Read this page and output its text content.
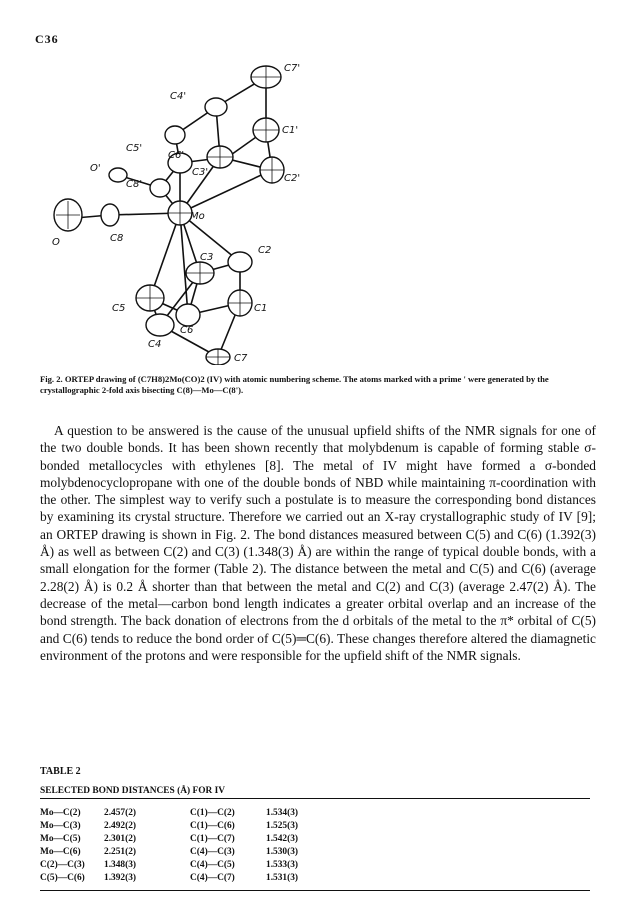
C36
C7'
C4'
C1'
C5'
C6'
C3'
C2'
O'
C8'
Mo
O	C8
C2
C3
C5
C6
C1
C4
C7
Fig. 2. ORTEP drawing of (C7H8)2Mo(CO)2 (IV) with atomic numbering scheme. The atoms marked with a prime ' were generated by the crystallographic 2-fold axis bisecting C(8)—Mo—C(8').

A question to be answered is the cause of the unusual upfield shifts of the NMR signals for one of the two double bonds. It has been shown recently that molybdenum is capable of forming stable σ-bonded metallocycles with ethylenes [8]. The metal of IV might have formed a σ-bonded molybdenocyclopropane with one of the double bonds of NBD while maintaining π-coordination with the other. The simplest way to verify such a postulate is to measure the corresponding bond distances by examining its crystal structure. Therefore we carried out an X-ray crystallographic study of IV [9]; an ORTEP drawing is shown in Fig. 2. The bond distances measured between C(5) and C(6) (1.392(3) Å) as well as between C(2) and C(3) (1.348(3) Å) are within the range of typical double bonds, with a small elongation for the former (Table 2). The distance between the metal and C(5) and C(6) (average 2.28(2) Å) is 0.2 Å shorter than that between the metal and C(2) and C(3) (average 2.47(2) Å). The decrease of the metal—carbon bond length indicates a greater orbital overlap and an increase of the bond strength. The back donation of electrons from the d orbitals of the metal to the π* orbital of C(5) and C(6) tends to reduce the bond order of C(5)═C(6). These changes therefore altered the diamagnetic environment of the protons and were responsible for the upfield shift of the NMR signals.

TABLE 2
SELECTED BOND DISTANCES (Å) FOR IV
Mo—C(2)	2.457(2)	C(1)—C(2)	1.534(3)
Mo—C(3)	2.492(2)	C(1)—C(6)	1.525(3)
Mo—C(5)	2.301(2)	C(1)—C(7)	1.542(3)
Mo—C(6)	2.251(2)	C(4)—C(3)	1.530(3)
C(2)—C(3)	1.348(3)	C(4)—C(5)	1.533(3)
C(5)—C(6)	1.392(3)	C(4)—C(7)	1.531(3)
